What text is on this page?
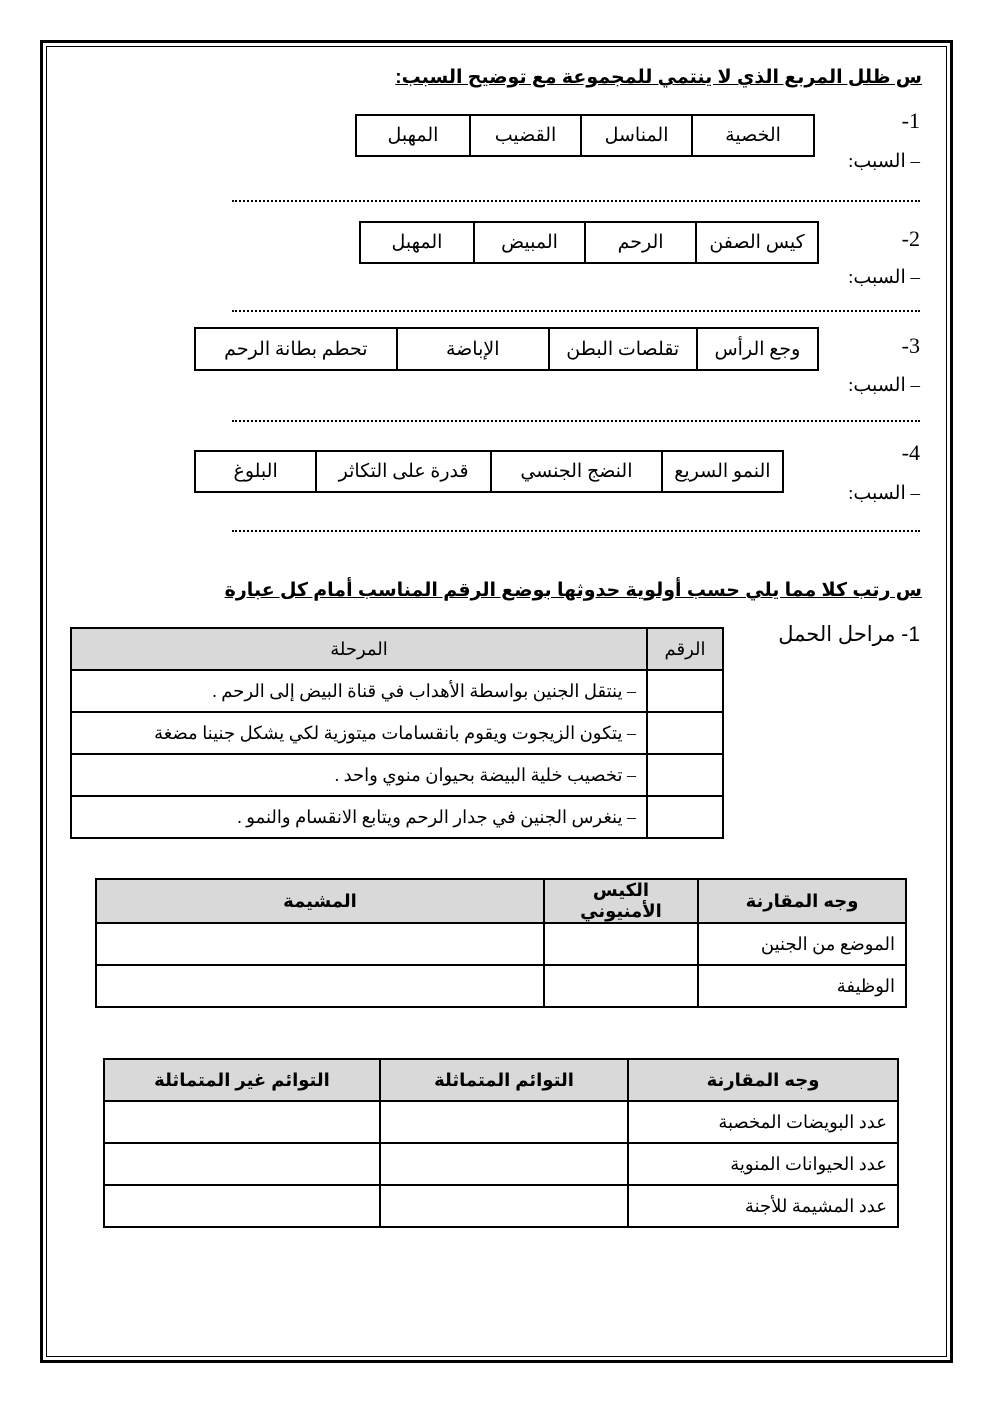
س ظلل المربع الذي لا ينتمي للمجموعة مع توضيح السبب:
1-
الخصية
المناسل
القضيب
المهبل
– السبب:
2-
كيس الصفن
الرحم
المبيض
المهبل
– السبب:
3-
وجع الرأس
تقلصات البطن
الإباضة
تحطم بطانة الرحم
– السبب:
4-
النمو السريع
النضج الجنسي
قدرة على التكاثر
البلوغ
– السبب:
س رتب كلا مما يلي حسب أولوية حدوثها بوضع الرقم المناسب أمام كل عبارة
1- مراحل الحمل
الرقم	المرحلة
	– ينتقل الجنين بواسطة الأهداب في قناة البيض إلى الرحم .
	– يتكون الزيجوت ويقوم بانقسامات ميتوزية لكي يشكل جنينا مضغة
	– تخصيب خلية البيضة بحيوان منوي واحد .
	– ينغرس الجنين في جدار الرحم ويتابع الانقسام والنمو .
وجه المقارنة	الكيس الأمنيوني	المشيمة
الموضع من الجنين		
الوظيفة		
وجه المقارنة	التوائم المتماثلة	التوائم غير المتماثلة
عدد البويضات المخصبة		
عدد الحيوانات المنوية		
عدد المشيمة للأجنة		
